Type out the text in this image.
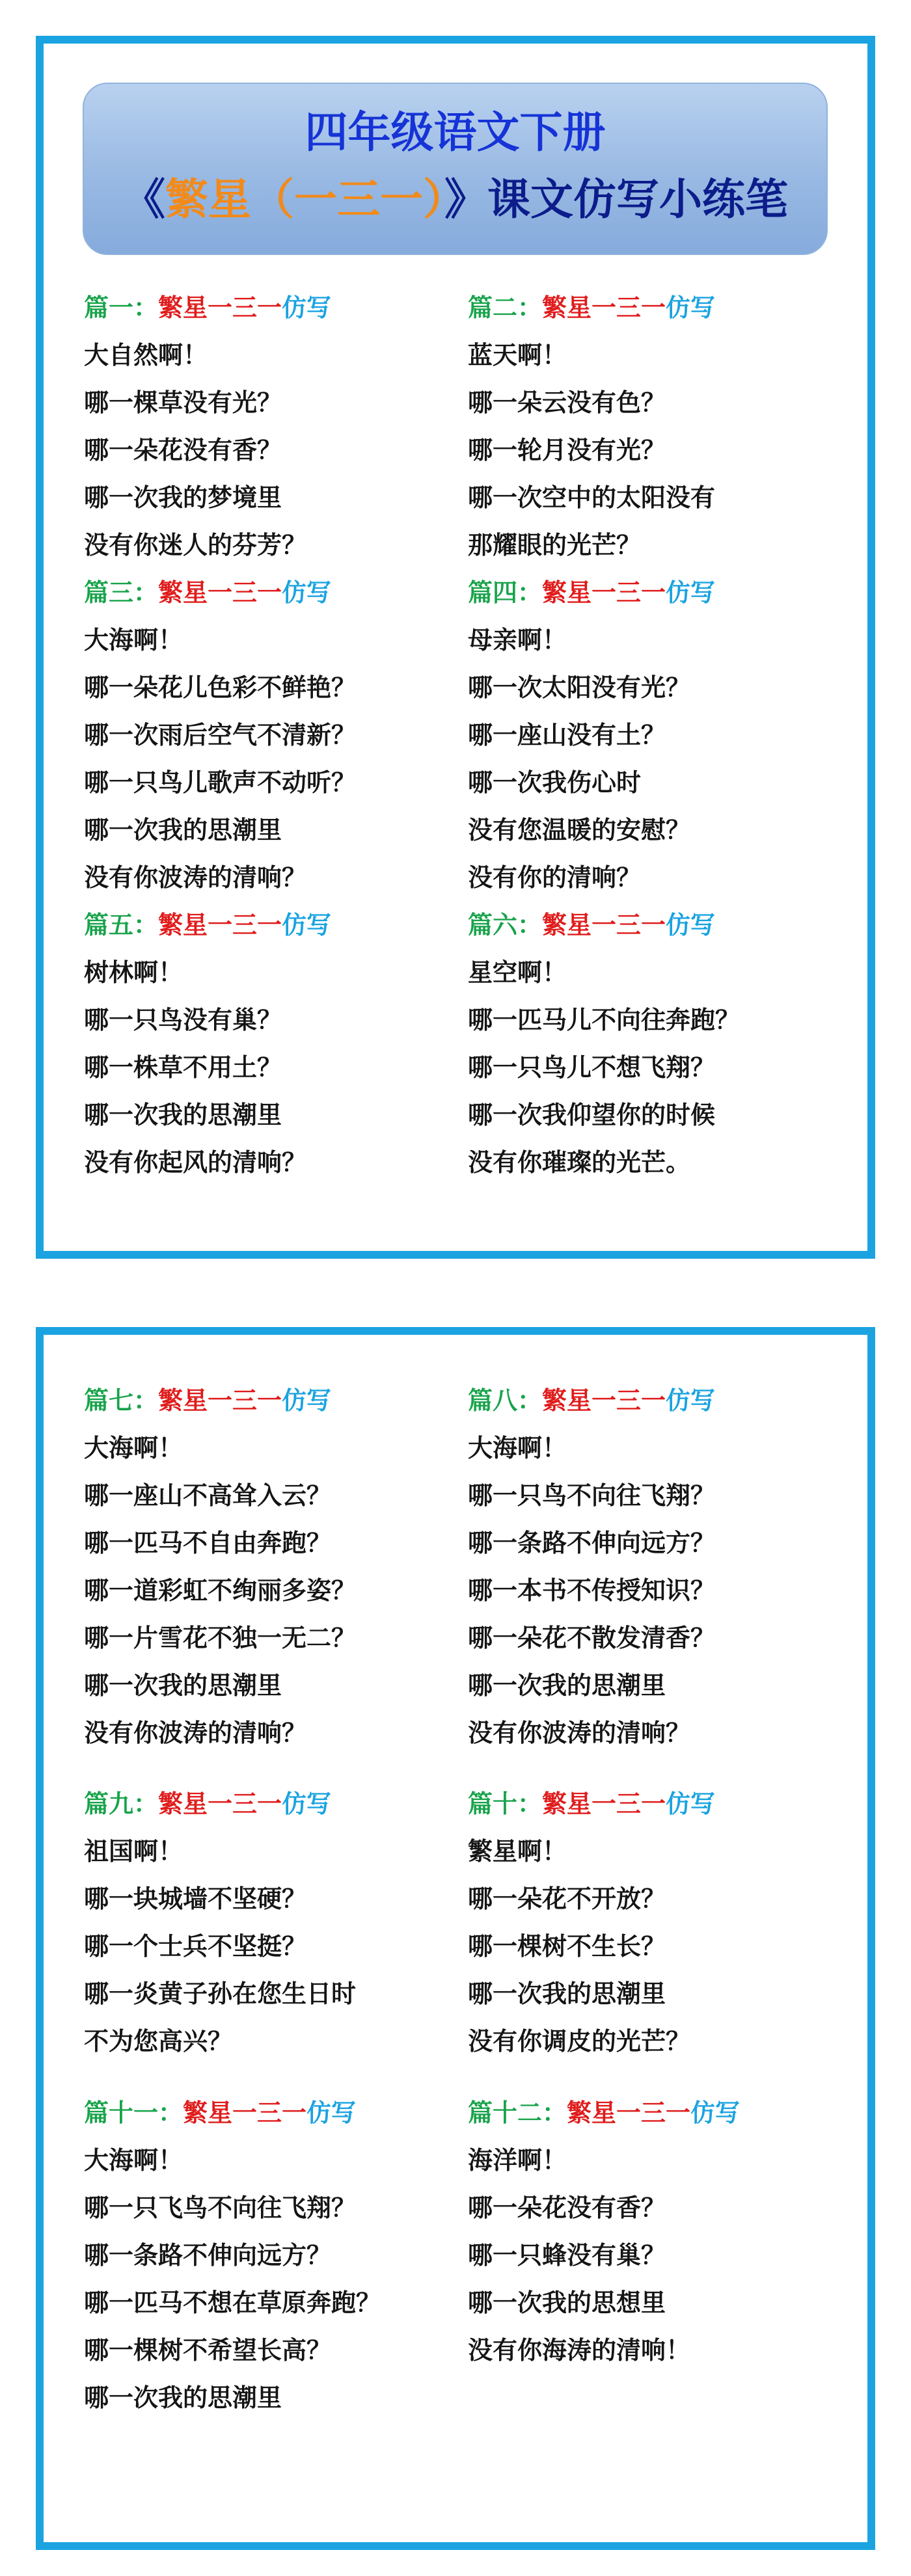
四年级语文下册
《繁星（一三一）》课文仿写小练笔
篇一：繁星一三一仿写
大自然啊！
哪一棵草没有光？
哪一朵花没有香？
哪一次我的梦境里
没有你迷人的芬芳？
篇三：繁星一三一仿写
大海啊！
哪一朵花儿色彩不鲜艳？
哪一次雨后空气不清新？
哪一只鸟儿歌声不动听？
哪一次我的思潮里
没有你波涛的清响？
篇五：繁星一三一仿写
树林啊！
哪一只鸟没有巢？
哪一株草不用土？
哪一次我的思潮里
没有你起风的清响？
篇二：繁星一三一仿写
蓝天啊！
哪一朵云没有色？
哪一轮月没有光？
哪一次空中的太阳没有
那耀眼的光芒？
篇四：繁星一三一仿写
母亲啊！
哪一次太阳没有光？
哪一座山没有土？
哪一次我伤心时
没有您温暖的安慰？
没有你的清响？
篇六：繁星一三一仿写
星空啊！
哪一匹马儿不向往奔跑？
哪一只鸟儿不想飞翔？
哪一次我仰望你的时候
没有你璀璨的光芒。
篇七：繁星一三一仿写
大海啊！
哪一座山不高耸入云？
哪一匹马不自由奔跑？
哪一道彩虹不绚丽多姿？
哪一片雪花不独一无二？
哪一次我的思潮里
没有你波涛的清响？
篇九：繁星一三一仿写
祖国啊！
哪一块城墙不坚硬？
哪一个士兵不坚挺？
哪一炎黄子孙在您生日时
不为您高兴？
篇十一：繁星一三一仿写
大海啊！
哪一只飞鸟不向往飞翔？
哪一条路不伸向远方？
哪一匹马不想在草原奔跑？
哪一棵树不希望长高？
哪一次我的思潮里
篇八：繁星一三一仿写
大海啊！
哪一只鸟不向往飞翔？
哪一条路不伸向远方？
哪一本书不传授知识？
哪一朵花不散发清香？
哪一次我的思潮里
没有你波涛的清响？
篇十：繁星一三一仿写
繁星啊！
哪一朵花不开放？
哪一棵树不生长？
哪一次我的思潮里
没有你调皮的光芒？
篇十二：繁星一三一仿写
海洋啊！
哪一朵花没有香？
哪一只蜂没有巢？
哪一次我的思想里
没有你海涛的清响！
